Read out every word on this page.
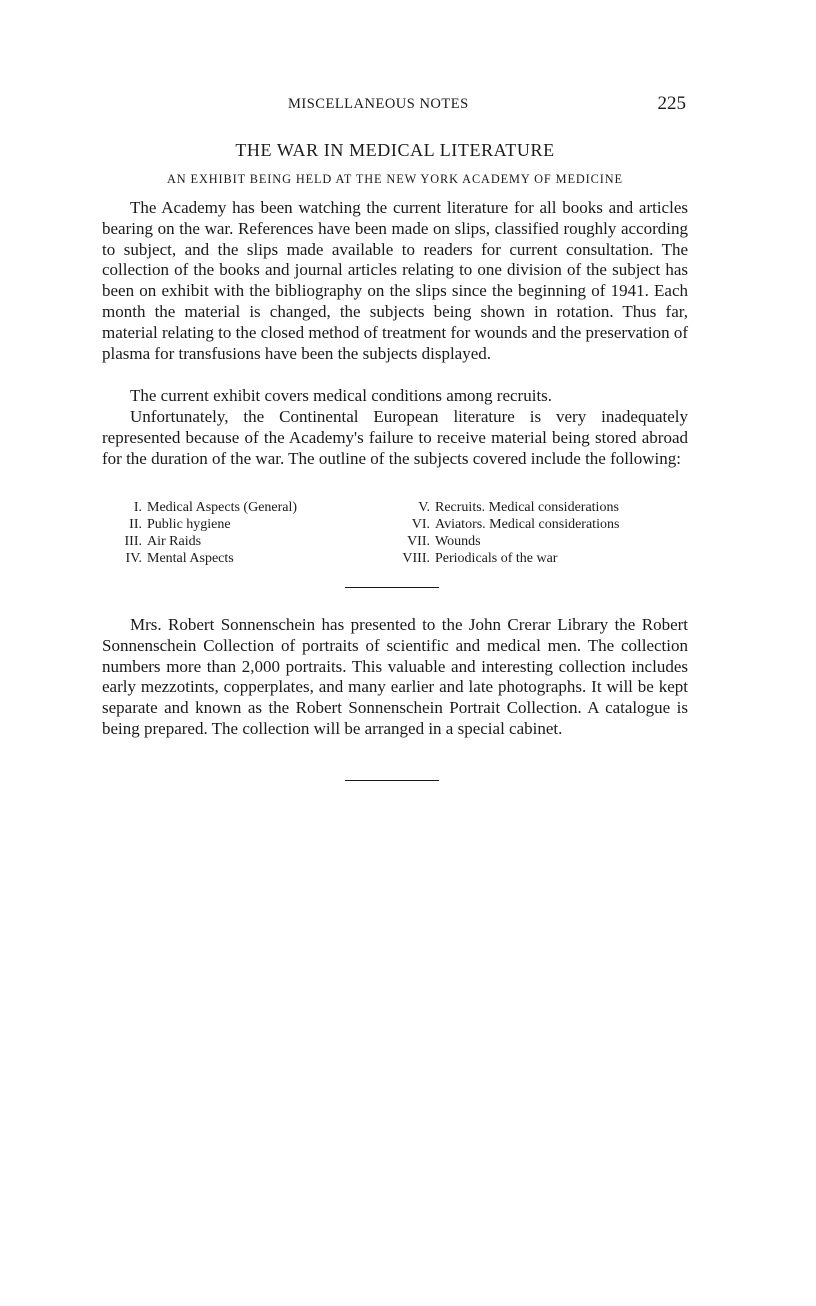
MISCELLANEOUS NOTES	225
THE WAR IN MEDICAL LITERATURE
AN EXHIBIT BEING HELD AT THE NEW YORK ACADEMY OF MEDICINE

The Academy has been watching the current literature for all books and articles bearing on the war. References have been made on slips, classified roughly according to subject, and the slips made available to readers for current consultation. The collection of the books and journal articles relating to one division of the subject has been on exhibit with the bibliography on the slips since the beginning of 1941. Each month the material is changed, the subjects being shown in rotation. Thus far, material relating to the closed method of treatment for wounds and the preservation of plasma for transfusions have been the subjects displayed.

The current exhibit covers medical conditions among recruits.

Unfortunately, the Continental European literature is very inadequately represented because of the Academy's failure to receive material being stored abroad for the duration of the war. The outline of the subjects covered include the following:

I. Medical Aspects (General)
II. Public hygiene
III. Air Raids
IV. Mental Aspects
V. Recruits. Medical considerations
VI. Aviators. Medical considerations
VII. Wounds
VIII. Periodicals of the war

Mrs. Robert Sonnenschein has presented to the John Crerar Library the Robert Sonnenschein Collection of portraits of scientific and medical men. The collection numbers more than 2,000 portraits. This valuable and interesting collection includes early mezzotints, copperplates, and many earlier and late photographs. It will be kept separate and known as the Robert Sonnenschein Portrait Collection. A catalogue is being prepared. The collection will be arranged in a special cabinet.
